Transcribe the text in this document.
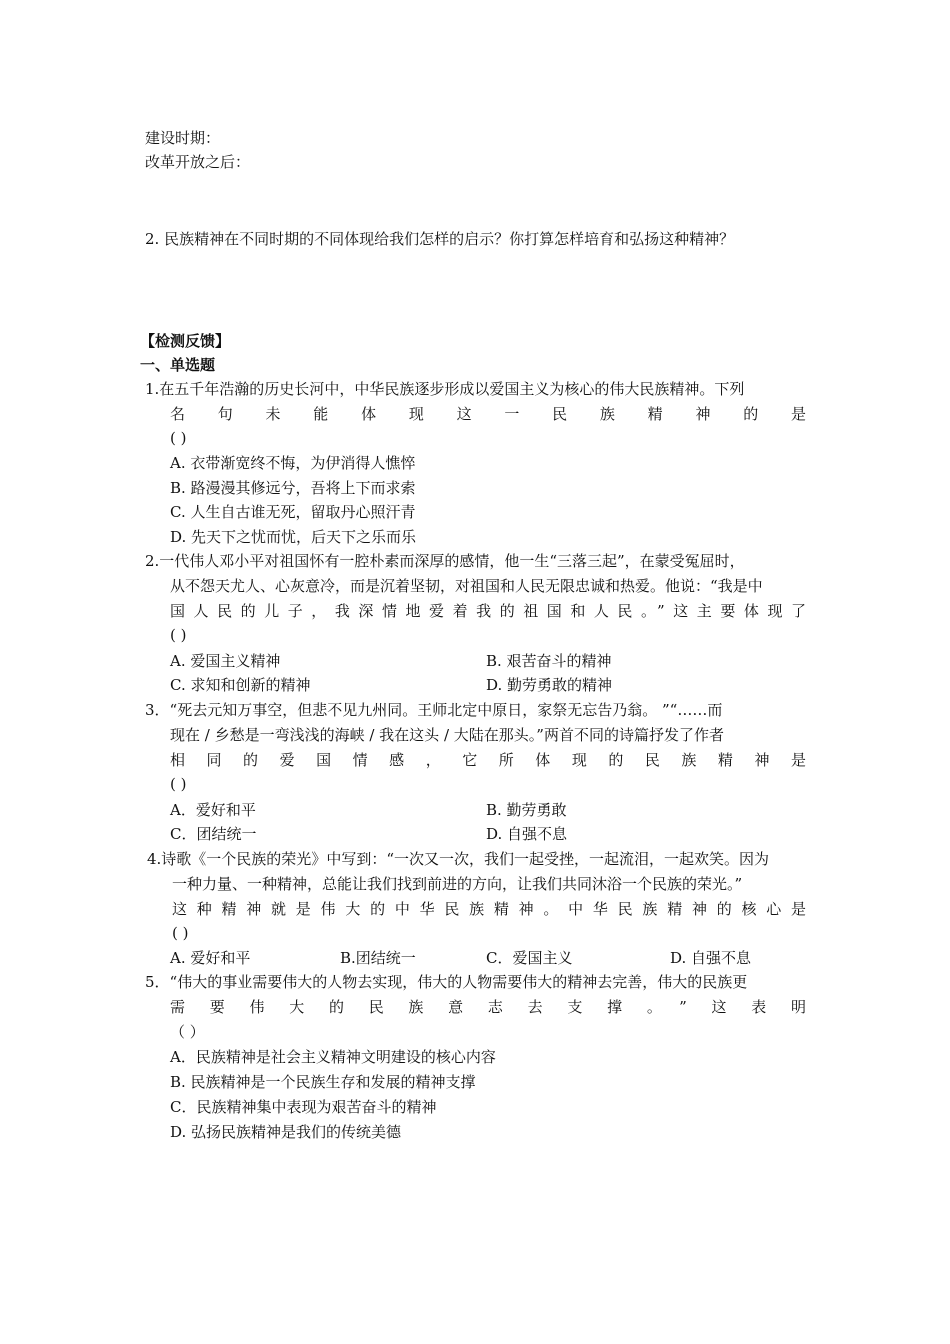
建设时期：
改革开放之后：
2. 民族精神在不同时期的不同体现给我们怎样的启示？你打算怎样培育和弘扬这种精神？
【检测反馈】
一、单选题
1.在五千年浩瀚的历史长河中，中华民族逐步形成以爱国主义为核心的伟大民族精神。下列
名句未能体现这一民族精神的是
( )
A. 衣带渐宽终不悔，为伊消得人憔悴
B. 路漫漫其修远兮，吾将上下而求索
C. 人生自古谁无死，留取丹心照汗青
D. 先天下之忧而忧，后天下之乐而乐
2.一代伟人邓小平对祖国怀有一腔朴素而深厚的感情，他一生“三落三起”，在蒙受冤屈时，
从不怨天尤人、心灰意冷，而是沉着坚韧，对祖国和人民无限忠诚和热爱。他说：“我是中
国人民的儿子，我深情地爱着我的祖国和人民。”这主要体现了
( )
A. 爱国主义精神	B. 艰苦奋斗的精神
C. 求知和创新的精神	D. 勤劳勇敢的精神
3．“死去元知万事空，但悲不见九州同。王师北定中原日，家祭无忘告乃翁。 ”“……而
现在 / 乡愁是一弯浅浅的海峡 / 我在这头 / 大陆在那头。”两首不同的诗篇抒发了作者
相同的爱国情感，它所体现的民族精神是
( )
A．爱好和平	B. 勤劳勇敢
C．团结统一	D. 自强不息
4.诗歌《一个民族的荣光》中写到：“一次又一次，我们一起受挫，一起流泪，一起欢笑。因为
一种力量、一种精神，总能让我们找到前进的方向，让我们共同沐浴一个民族的荣光。”
这种精神就是伟大的中华民族精神。中华民族精神的核心是
( )
A. 爱好和平	B.团结统一	C．爱国主义	D. 自强不息
5．“伟大的事业需要伟大的人物去实现，伟大的人物需要伟大的精神去完善，伟大的民族更
需要伟大的民族意志去支撑。”这表明
（ ）
A．民族精神是社会主义精神文明建设的核心内容
B. 民族精神是一个民族生存和发展的精神支撑
C．民族精神集中表现为艰苦奋斗的精神
D. 弘扬民族精神是我们的传统美德
